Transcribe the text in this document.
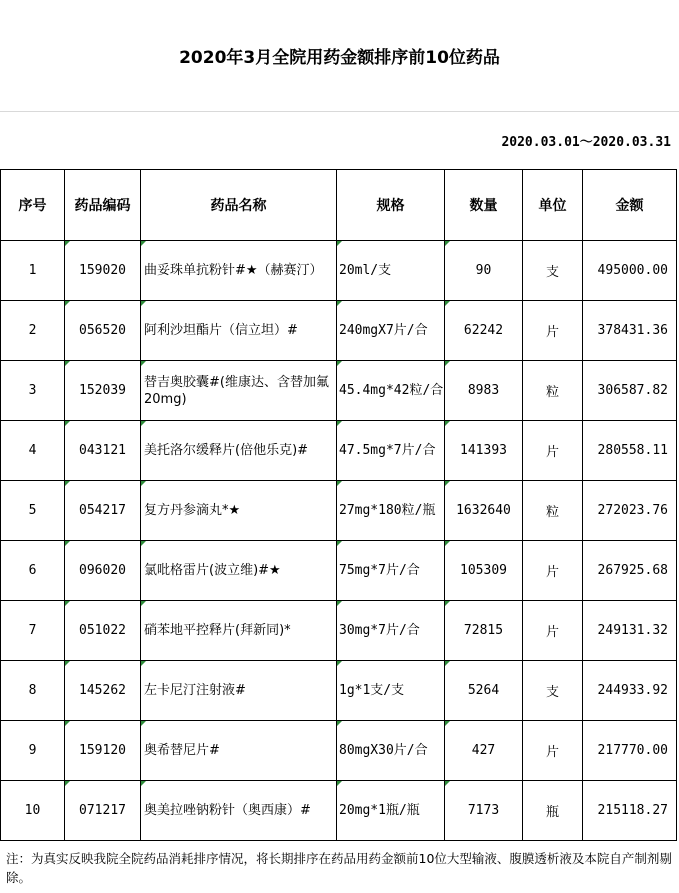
2020年3月全院用药金额排序前10位药品
2020.03.01～2020.03.31
序号	药品编码	药品名称	规格	数量	单位	金额
1	159020	曲妥珠单抗粉针#★（赫赛汀）	20ml/支	90	支	495000.00
2	056520	阿利沙坦酯片（信立坦）#	240mgX7片/合	62242	片	378431.36
3	152039	替吉奥胶囊#(维康达、含替加氟20mg)	45.4mg*42粒/合	8983	粒	306587.82
4	043121	美托洛尔缓释片(倍他乐克)#	47.5mg*7片/合	141393	片	280558.11
5	054217	复方丹参滴丸*★	27mg*180粒/瓶	1632640	粒	272023.76
6	096020	氯吡格雷片(波立维)#★	75mg*7片/合	105309	片	267925.68
7	051022	硝苯地平控释片(拜新同)*	30mg*7片/合	72815	片	249131.32
8	145262	左卡尼汀注射液#	1g*1支/支	5264	支	244933.92
9	159120	奥希替尼片#	80mgX30片/合	427	片	217770.00
10	071217	奥美拉唑钠粉针（奥西康）#	20mg*1瓶/瓶	7173	瓶	215118.27
注：为真实反映我院全院药品消耗排序情况，将长期排序在药品用药金额前10位大型输液、腹膜透析液及本院自产制剂剔除。
